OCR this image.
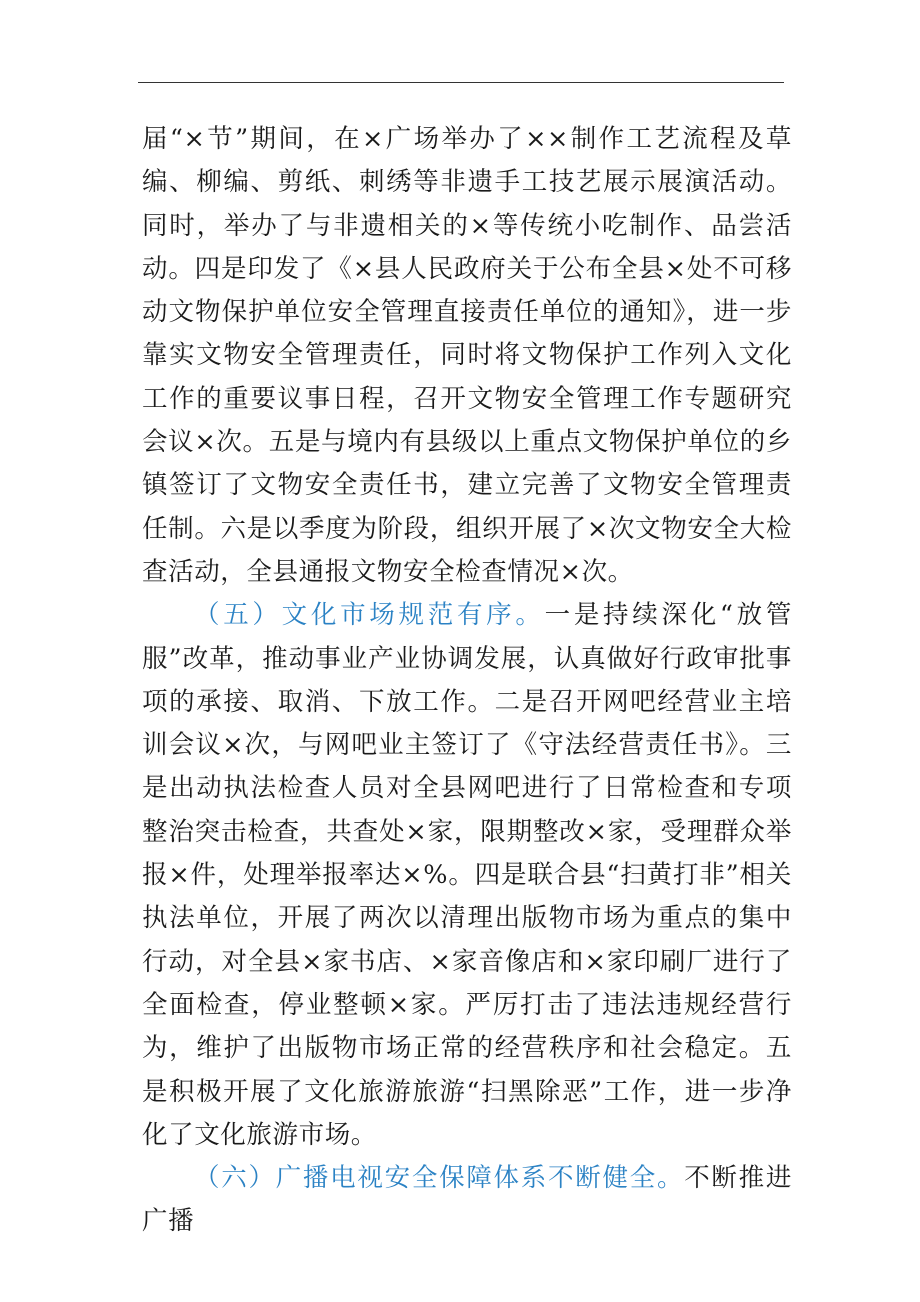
届“×节”期间，在×广场举办了××制作工艺流程及草编、柳编、剪纸、刺绣等非遗手工技艺展示展演活动。同时，举办了与非遗相关的×等传统小吃制作、品尝活动。四是印发了《×县人民政府关于公布全县×处不可移动文物保护单位安全管理直接责任单位的通知》，进一步靠实文物安全管理责任，同时将文物保护工作列入文化工作的重要议事日程，召开文物安全管理工作专题研究会议×次。五是与境内有县级以上重点文物保护单位的乡镇签订了文物安全责任书，建立完善了文物安全管理责任制。六是以季度为阶段，组织开展了×次文物安全大检查活动，全县通报文物安全检查情况×次。

（五）文化市场规范有序。一是持续深化“放管服”改革，推动事业产业协调发展，认真做好行政审批事项的承接、取消、下放工作。二是召开网吧经营业主培训会议×次，与网吧业主签订了《守法经营责任书》。三是出动执法检查人员对全县网吧进行了日常检查和专项整治突击检查，共查处×家，限期整改×家，受理群众举报×件，处理举报率达×%。四是联合县“扫黄打非”相关执法单位，开展了两次以清理出版物市场为重点的集中行动，对全县×家书店、×家音像店和×家印刷厂进行了全面检查，停业整顿×家。严厉打击了违法违规经营行为，维护了出版物市场正常的经营秩序和社会稳定。五是积极开展了文化旅游旅游“扫黑除恶”工作，进一步净化了文化旅游市场。

（六）广播电视安全保障体系不断健全。不断推进广播
